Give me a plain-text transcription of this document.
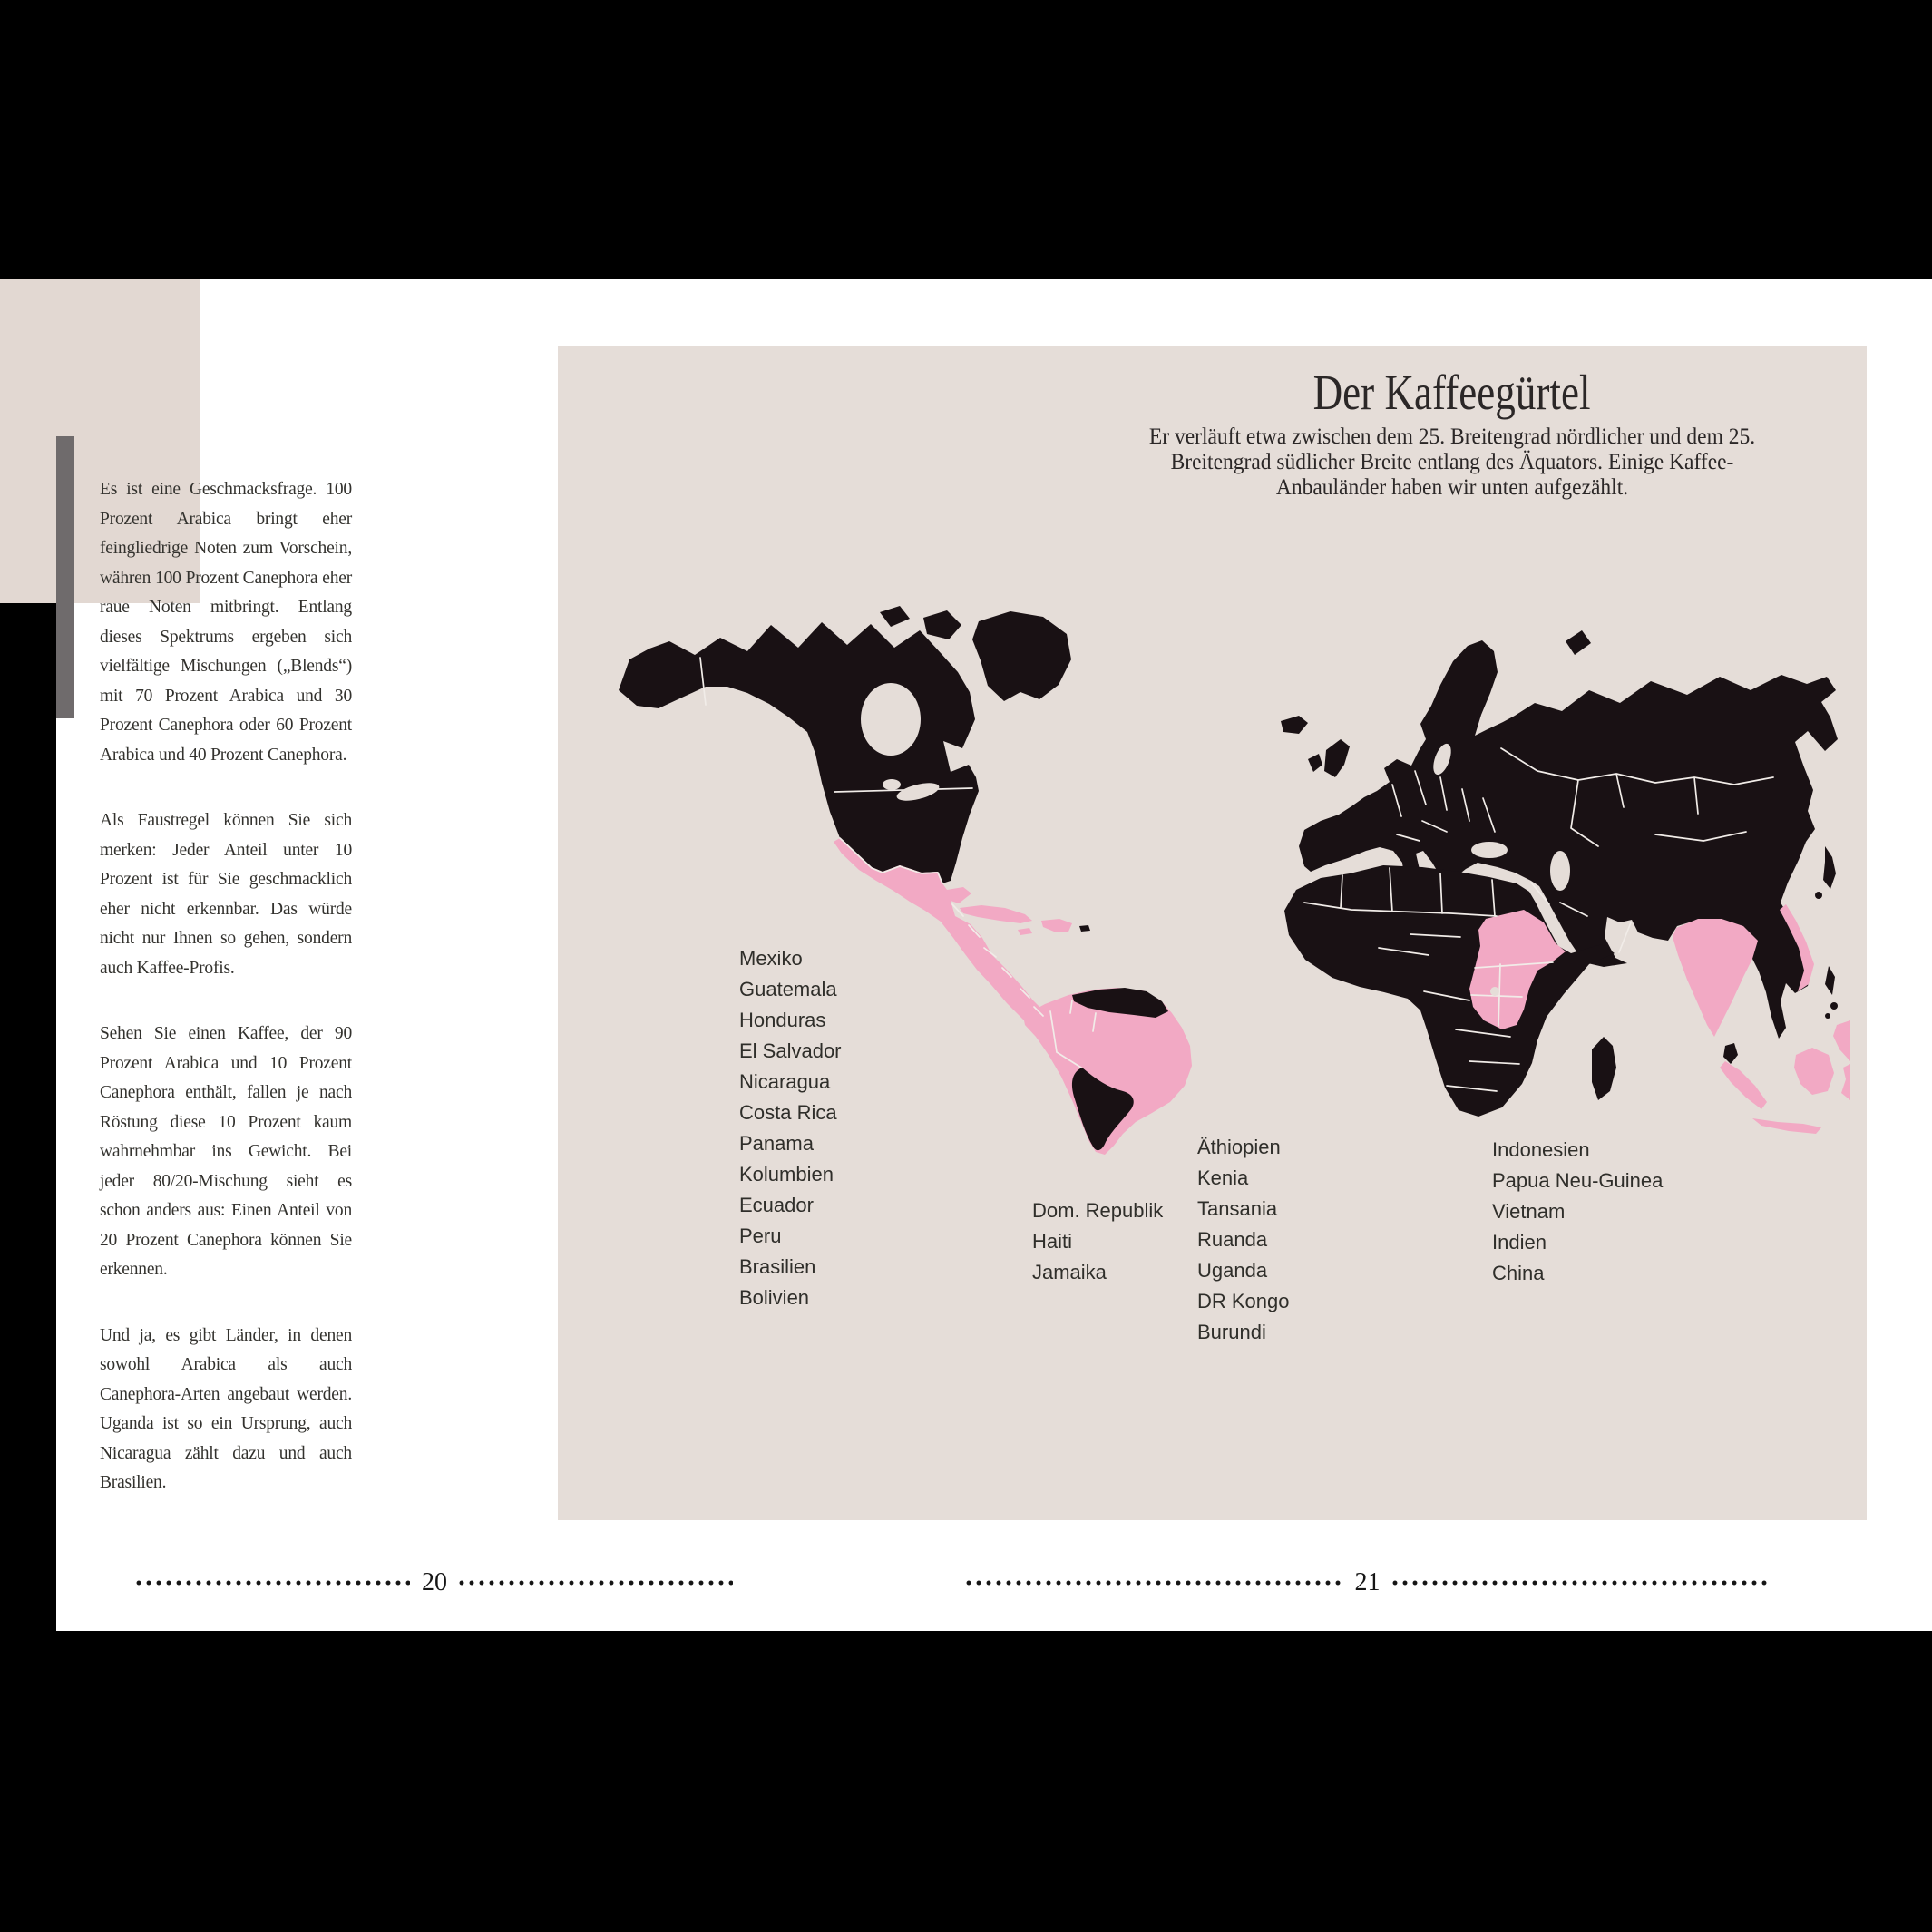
Es ist eine Geschmacksfrage. 100 Prozent Arabica bringt eher feingliedrige Noten zum Vorschein, währen 100 Prozent Canephora eher raue Noten mitbringt. Entlang dieses Spektrums ergeben sich vielfältige Mischungen („Blends“) mit 70 Prozent Arabica und 30 Prozent Canephora oder 60 Prozent Arabica und 40 Prozent Canephora.

Als Faustregel können Sie sich merken: Jeder Anteil unter 10 Prozent ist für Sie geschmacklich eher nicht erkennbar. Das würde nicht nur Ihnen so gehen, sondern auch Kaffee-Profis.

Sehen Sie einen Kaffee, der 90 Prozent Arabica und 10 Prozent Canephora enthält, fallen je nach Röstung diese 10 Prozent kaum wahrnehmbar ins Gewicht. Bei jeder 80/20-Mischung sieht es schon anders aus: Einen Anteil von 20 Prozent Canephora können Sie erkennen.

Und ja, es gibt Länder, in denen sowohl Arabica als auch Canephora-Arten angebaut werden. Uganda ist so ein Ursprung, auch Nicaragua zählt dazu und auch Brasilien.

Der Kaffeegürtel
Er verläuft etwa zwischen dem 25. Breitengrad nördlicher und dem 25.
Breitengrad südlicher Breite entlang des Äquators. Einige Kaffee-
Anbauländer haben wir unten aufgezählt.
Mexiko
Guatemala
Honduras
El Salvador
Nicaragua
Costa Rica
Panama
Kolumbien
Ecuador
Peru
Brasilien
Bolivien
Dom. Republik
Haiti
Jamaika
Äthiopien
Kenia
Tansania
Ruanda
Uganda
DR Kongo
Burundi
Indonesien
Papua Neu-Guinea
Vietnam
Indien
China
20	21
